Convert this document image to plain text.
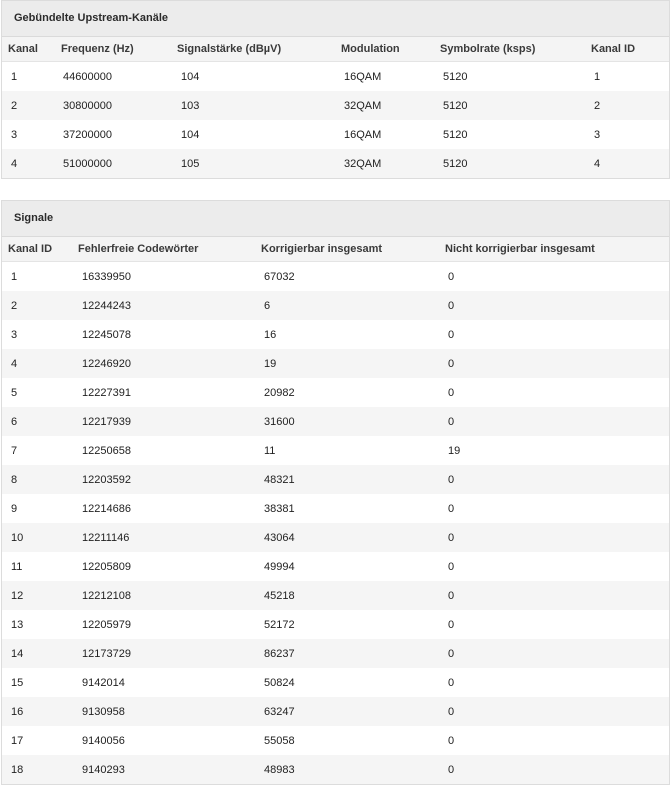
Gebündelte Upstream-Kanäle
Kanal	Frequenz (Hz)	Signalstärke (dBµV)	Modulation	Symbolrate (ksps)	Kanal ID
1	44600000	104	16QAM	5120	1
2	30800000	103	32QAM	5120	2
3	37200000	104	16QAM	5120	3
4	51000000	105	32QAM	5120	4
Signale
Kanal ID	Fehlerfreie Codewörter	Korrigierbar insgesamt	Nicht korrigierbar insgesamt
1	16339950	67032	0
2	12244243	6	0
3	12245078	16	0
4	12246920	19	0
5	12227391	20982	0
6	12217939	31600	0
7	12250658	11	19
8	12203592	48321	0
9	12214686	38381	0
10	12211146	43064	0
11	12205809	49994	0
12	12212108	45218	0
13	12205979	52172	0
14	12173729	86237	0
15	9142014	50824	0
16	9130958	63247	0
17	9140056	55058	0
18	9140293	48983	0
